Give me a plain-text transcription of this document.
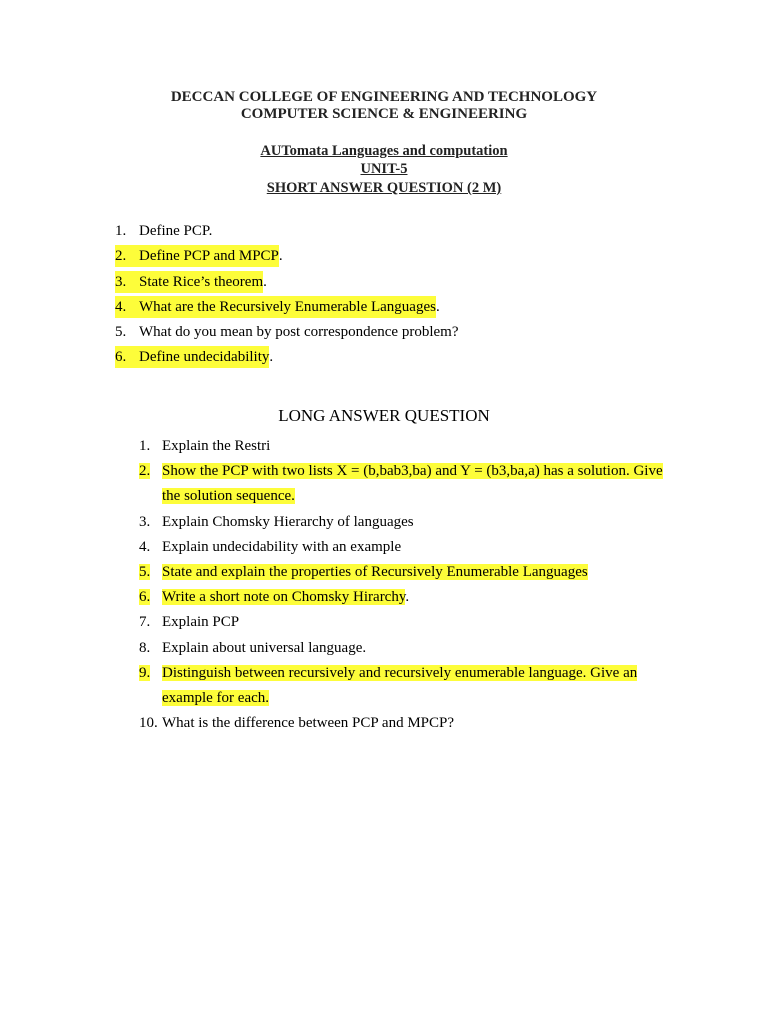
DECCAN COLLEGE OF ENGINEERING AND TECHNOLOGY
COMPUTER SCIENCE & ENGINEERING
AUTomata Languages and computation
UNIT-5
SHORT ANSWER QUESTION (2 M)
1. Define PCP.
2. Define PCP and MPCP.
3. State Rice’s theorem.
4. What are the Recursively Enumerable Languages.
5. What do you mean by post correspondence problem?
6. Define undecidability.
LONG ANSWER QUESTION
1. Explain the Restri
2. Show the PCP with two lists X = (b,bab3,ba) and Y = (b3,ba,a) has a solution. Give the solution sequence.
3. Explain Chomsky Hierarchy of languages
4. Explain undecidability with an example
5. State and explain the properties of Recursively Enumerable Languages
6. Write a short note on Chomsky Hirarchy.
7. Explain PCP
8. Explain about universal language.
9. Distinguish between recursively and recursively enumerable language. Give an example for each.
10. What is the difference between PCP and MPCP?
